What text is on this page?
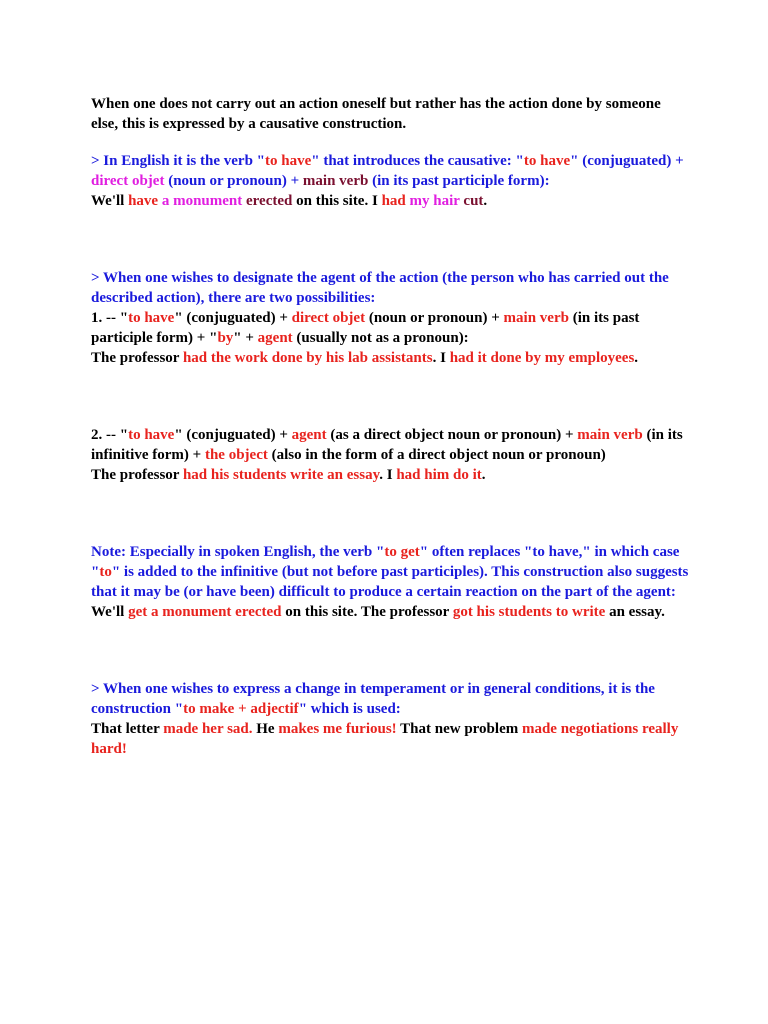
When one does not carry out an action oneself but rather has the action done by someone else, this is expressed by a causative construction.

> In English it is the verb "to have" that introduces the causative: "to have" (conjuguated) + direct objet (noun or pronoun) + main verb (in its past participle form):

We'll have a monument erected on this site. I had my hair cut.

> When one wishes to designate the agent of the action (the person who has carried out the described action), there are two possibilities:

1. -- "to have" (conjuguated) + direct objet (noun or pronoun) + main verb (in its past participle form) + "by" + agent (usually not as a pronoun):

The professor had the work done by his lab assistants. I had it done by my employees.

2. -- "to have" (conjuguated) + agent (as a direct object noun or pronoun) + main verb (in its infinitive form) + the object (also in the form of a direct object noun or pronoun)

The professor had his students write an essay. I had him do it.

Note: Especially in spoken English, the verb "to get" often replaces "to have," in which case "to" is added to the infinitive (but not before past participles). This construction also suggests that it may be (or have been) difficult to produce a certain reaction on the part of the agent:

We'll get a monument erected on this site. The professor got his students to write an essay.

> When one wishes to express a change in temperament or in general conditions, it is the construction "to make + adjectif" which is used:

That letter made her sad. He makes me furious! That new problem made negotiations really hard!
